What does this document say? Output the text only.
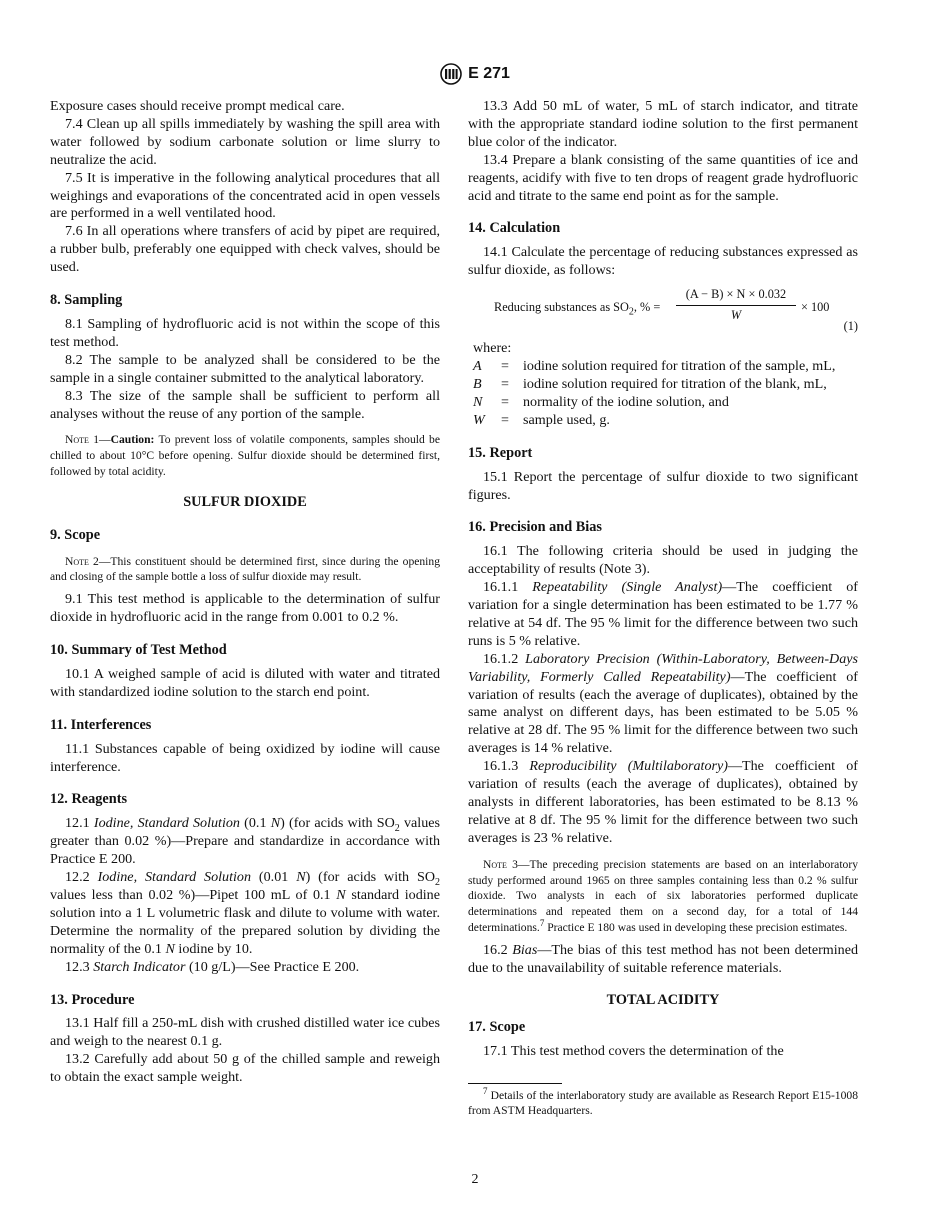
E 271

Exposure cases should receive prompt medical care.

7.4 Clean up all spills immediately by washing the spill area with water followed by sodium carbonate solution or lime slurry to neutralize the acid.

7.5 It is imperative in the following analytical procedures that all weighings and evaporations of the concentrated acid in open vessels are performed in a well ventilated hood.

7.6 In all operations where transfers of acid by pipet are required, a rubber bulb, preferably one equipped with check valves, should be used.

8. Sampling

8.1 Sampling of hydrofluoric acid is not within the scope of this test method.

8.2 The sample to be analyzed shall be considered to be the sample in a single container submitted to the analytical laboratory.

8.3 The size of the sample shall be sufficient to perform all analyses without the reuse of any portion of the sample.

Note 1—Caution: To prevent loss of volatile components, samples should be chilled to about 10°C before opening. Sulfur dioxide should be determined first, followed by total acidity.

SULFUR DIOXIDE
9. Scope

Note 2—This constituent should be determined first, since during the opening and closing of the sample bottle a loss of sulfur dioxide may result.

9.1 This test method is applicable to the determination of sulfur dioxide in hydrofluoric acid in the range from 0.001 to 0.2 %.

10. Summary of Test Method

10.1 A weighed sample of acid is diluted with water and titrated with standardized iodine solution to the starch end point.

11. Interferences

11.1 Substances capable of being oxidized by iodine will cause interference.

12. Reagents

12.1 Iodine, Standard Solution (0.1 N) (for acids with $SO_2$ values greater than 0.02 %)—Prepare and standardize in accordance with Practice E 200.

12.2 Iodine, Standard Solution (0.01 N) (for acids with $SO_2$ values less than 0.02 %)—Pipet 100 mL of 0.1 N standard iodine solution into a 1 L volumetric flask and dilute to volume with water. Determine the normality of the prepared solution by dividing the normality of the 0.1 N iodine by 10.

12.3 Starch Indicator (10 g/L)—See Practice E 200.

13. Procedure

13.1 Half fill a 250-mL dish with crushed distilled water ice cubes and weigh to the nearest 0.1 g.

13.2 Carefully add about 50 g of the chilled sample and reweigh to obtain the exact sample weight.

13.3 Add 50 mL of water, 5 mL of starch indicator, and titrate with the appropriate standard iodine solution to the first permanent blue color of the indicator.

13.4 Prepare a blank consisting of the same quantities of ice and reagents, acidify with five to ten drops of reagent grade hydrofluoric acid and titrate to the same end point as for the sample.

14. Calculation

14.1 Calculate the percentage of reducing substances expressed as sulfur dioxide, as follows:

Reducing substances as $SO_2$, % = $\frac{(A - B) \times N \times 0.032}{W} \times 100$
(1)

where:

A	= iodine solution required for titration of the sample, mL,
B	= iodine solution required for titration of the blank, mL,
N	= normality of the iodine solution, and
W	= sample used, g.
15. Report

15.1 Report the percentage of sulfur dioxide to two significant figures.

16. Precision and Bias

16.1 The following criteria should be used in judging the acceptability of results (Note 3).

16.1.1 Repeatability (Single Analyst)—The coefficient of variation for a single determination has been estimated to be 1.77 % relative at 54 df. The 95 % limit for the difference between two such runs is 5 % relative.

16.1.2 Laboratory Precision (Within-Laboratory, Between-Days Variability, Formerly Called Repeatability)—The coefficient of variation of results (each the average of duplicates), obtained by the same analyst on different days, has been estimated to be 5.05 % relative at 28 df. The 95 % limit for the difference between two such averages is 14 % relative.

16.1.3 Reproducibility (Multilaboratory)—The coefficient of variation of results (each the average of duplicates), obtained by analysts in different laboratories, has been estimated to be 8.13 % relative at 8 df. The 95 % limit for the difference between two such averages is 23 % relative.

Note 3—The preceding precision statements are based on an interlaboratory study performed around 1965 on three samples containing less than 0.2 % sulfur dioxide. Two analysts in each of six laboratories performed duplicate determinations and repeated them on a second day, for a total of 144 determinations.$^7$ Practice E 180 was used in developing these precision estimates.

16.2 Bias—The bias of this test method has not been determined due to the unavailability of suitable reference materials.

TOTAL ACIDITY
17. Scope

17.1 This test method covers the determination of the

$^7$ Details of the interlaboratory study are available as Research Report E15-1008 from ASTM Headquarters.

2
